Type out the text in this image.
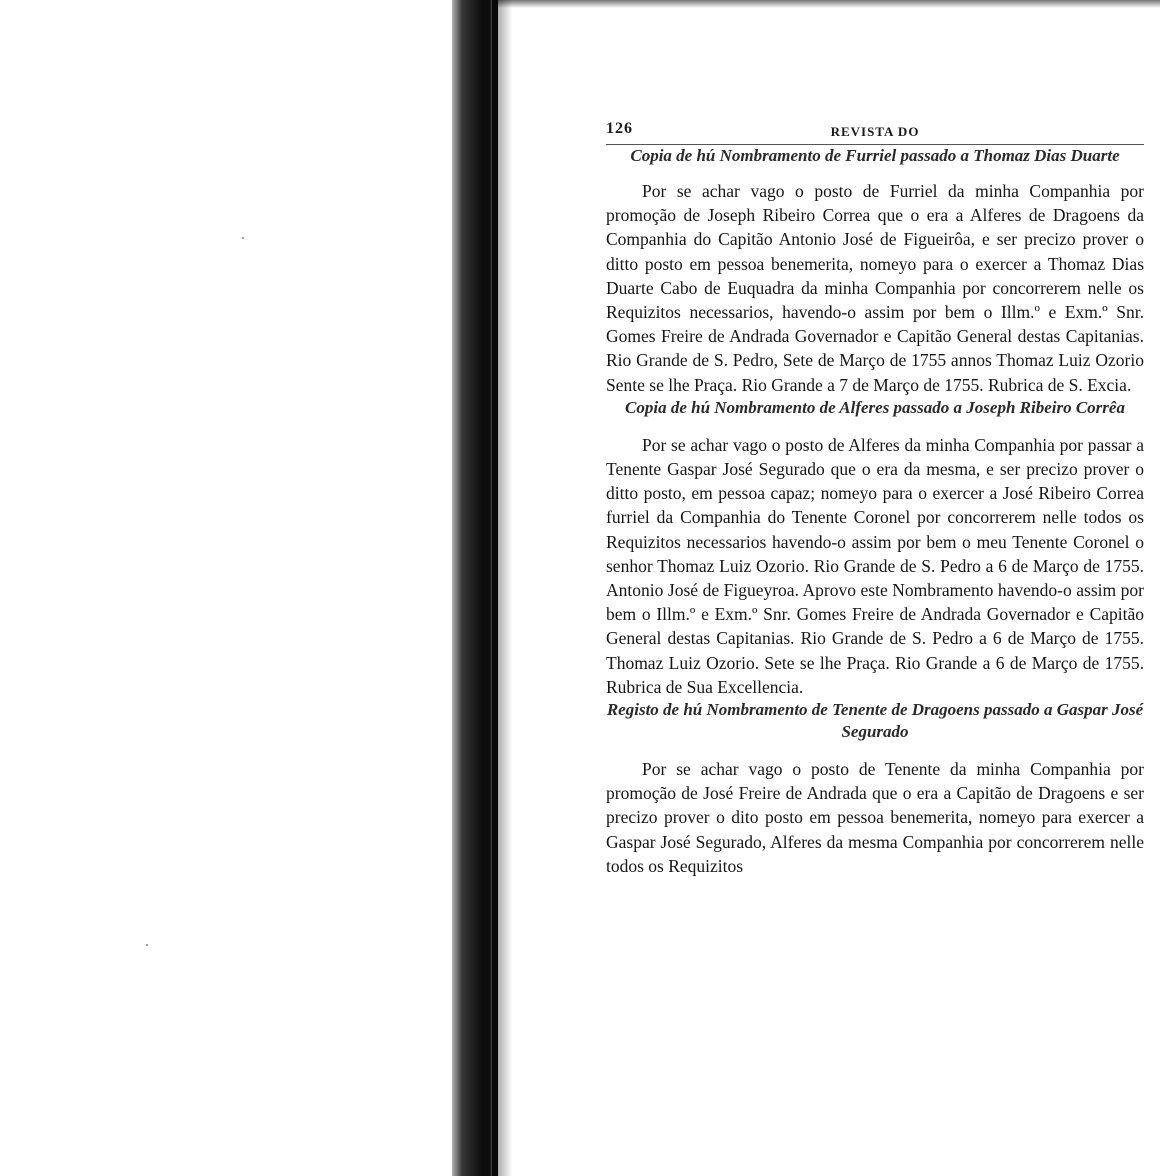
126	REVISTA DO
Copia de hú Nombramento de Furriel passado a Thomaz Dias Duarte

Por se achar vago o posto de Furriel da minha Companhia por promoção de Joseph Ribeiro Correa que o era a Alferes de Dragoens da Companhia do Capitão Antonio José de Figueirôa, e ser precizo prover o ditto posto em pessoa benemerita, nomeyo para o exercer a Thomaz Dias Duarte Cabo de Euquadra da minha Companhia por concorrerem nelle os Requizitos necessarios, havendo-o assim por bem o Illm.º e Exm.º Snr. Gomes Freire de Andrada Governador e Capitão General destas Capitanias. Rio Grande de S. Pedro, Sete de Março de 1755 annos Thomaz Luiz Ozorio Sente se lhe Praça. Rio Grande a 7 de Março de 1755. Rubrica de S. Excia.

Copia de hú Nombramento de Alferes passado a Joseph Ribeiro Corrêa

Por se achar vago o posto de Alferes da minha Companhia por passar a Tenente Gaspar José Segurado que o era da mesma, e ser precizo prover o ditto posto, em pessoa capaz; nomeyo para o exercer a José Ribeiro Correa furriel da Companhia do Tenente Coronel por concorrerem nelle todos os Requizitos necessarios havendo-o assim por bem o meu Tenente Coronel o senhor Thomaz Luiz Ozorio. Rio Grande de S. Pedro a 6 de Março de 1755. Antonio José de Figueyroa. Aprovo este Nombramento havendo-o assim por bem o Illm.º e Exm.º Snr. Gomes Freire de Andrada Governador e Capitão General destas Capitanias. Rio Grande de S. Pedro a 6 de Março de 1755. Thomaz Luiz Ozorio. Sete se lhe Praça. Rio Grande a 6 de Março de 1755. Rubrica de Sua Excellencia.

Registo de hú Nombramento de Tenente de Dragoens passado a Gaspar José Segurado

Por se achar vago o posto de Tenente da minha Companhia por promoção de José Freire de Andrada que o era a Capitão de Dragoens e ser precizo prover o dito posto em pessoa benemerita, nomeyo para exercer a Gaspar José Segurado, Alferes da mesma Companhia por concorrerem nelle todos os Requizitos
